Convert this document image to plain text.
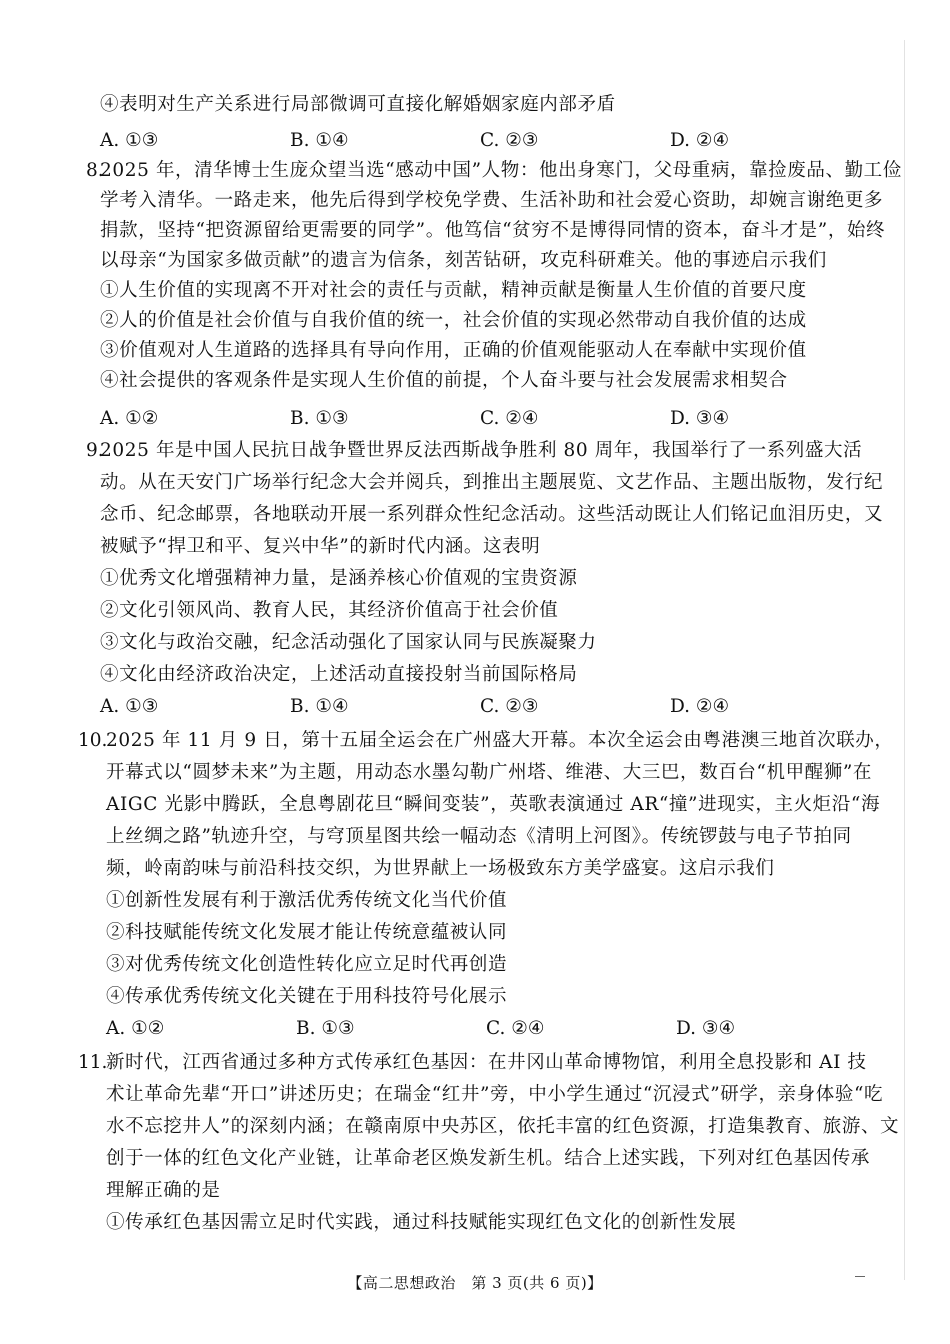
④表明对生产关系进行局部微调可直接化解婚姻家庭内部矛盾
A. ①③	B. ①④	C. ②③	D. ②④
8.
2025 年，清华博士生庞众望当选“感动中国”人物：他出身寒门，父母重病，靠捡废品、勤工俭
学考入清华。一路走来，他先后得到学校免学费、生活补助和社会爱心资助，却婉言谢绝更多
捐款，坚持“把资源留给更需要的同学”。他笃信“贫穷不是博得同情的资本，奋斗才是”，始终
以母亲“为国家多做贡献”的遗言为信条，刻苦钻研，攻克科研难关。他的事迹启示我们
①人生价值的实现离不开对社会的责任与贡献，精神贡献是衡量人生价值的首要尺度
②人的价值是社会价值与自我价值的统一，社会价值的实现必然带动自我价值的达成
③价值观对人生道路的选择具有导向作用，正确的价值观能驱动人在奉献中实现价值
④社会提供的客观条件是实现人生价值的前提，个人奋斗要与社会发展需求相契合
A. ①②	B. ①③	C. ②④	D. ③④
9.
2025 年是中国人民抗日战争暨世界反法西斯战争胜利 80 周年，我国举行了一系列盛大活
动。从在天安门广场举行纪念大会并阅兵，到推出主题展览、文艺作品、主题出版物，发行纪
念币、纪念邮票，各地联动开展一系列群众性纪念活动。这些活动既让人们铭记血泪历史，又
被赋予“捍卫和平、复兴中华”的新时代内涵。这表明
①优秀文化增强精神力量，是涵养核心价值观的宝贵资源
②文化引领风尚、教育人民，其经济价值高于社会价值
③文化与政治交融，纪念活动强化了国家认同与民族凝聚力
④文化由经济政治决定，上述活动直接投射当前国际格局
A. ①③	B. ①④	C. ②③	D. ②④
10.
2025 年 11 月 9 日，第十五届全运会在广州盛大开幕。本次全运会由粤港澳三地首次联办，
开幕式以“圆梦未来”为主题，用动态水墨勾勒广州塔、维港、大三巴，数百台“机甲醒狮”在
AIGC 光影中腾跃，全息粤剧花旦“瞬间变装”，英歌表演通过 AR“撞”进现实，主火炬沿“海
上丝绸之路”轨迹升空，与穹顶星图共绘一幅动态《清明上河图》。传统锣鼓与电子节拍同
频，岭南韵味与前沿科技交织，为世界献上一场极致东方美学盛宴。这启示我们
①创新性发展有利于激活优秀传统文化当代价值
②科技赋能传统文化发展才能让传统意蕴被认同
③对优秀传统文化创造性转化应立足时代再创造
④传承优秀传统文化关键在于用科技符号化展示
A. ①②	B. ①③	C. ②④	D. ③④
11.
新时代，江西省通过多种方式传承红色基因：在井冈山革命博物馆，利用全息投影和 AI 技
术让革命先辈“开口”讲述历史；在瑞金“红井”旁，中小学生通过“沉浸式”研学，亲身体验“吃
水不忘挖井人”的深刻内涵；在赣南原中央苏区，依托丰富的红色资源，打造集教育、旅游、文
创于一体的红色文化产业链，让革命老区焕发新生机。结合上述实践，下列对红色基因传承
理解正确的是
①传承红色基因需立足时代实践，通过科技赋能实现红色文化的创新性发展
【高二思想政治　第 3 页(共 6 页)】
